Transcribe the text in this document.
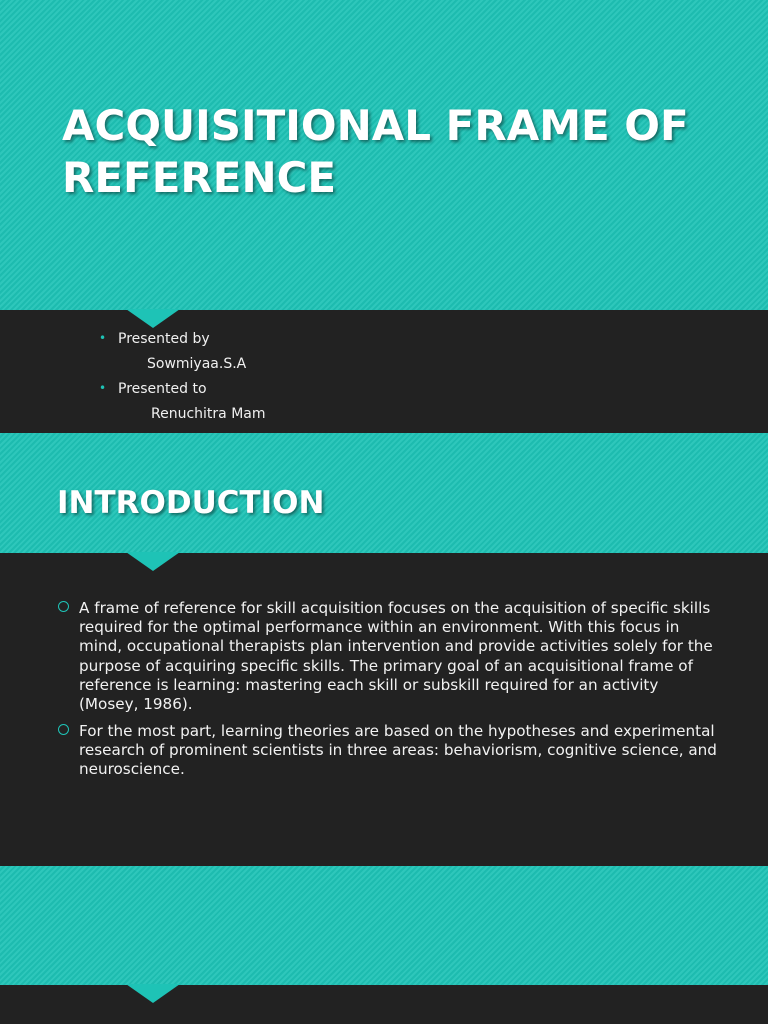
ACQUISITIONAL FRAME OF REFERENCE
• Presented by
Sowmiyaa.S.A
• Presented to
Renuchitra Mam
INTRODUCTION
A frame of reference for skill acquisition focuses on the acquisition of specific skills required for the optimal performance within an environment. With this focus in mind, occupational therapists plan intervention and provide activities solely for the purpose of acquiring specific skills. The primary goal of an acquisitional frame of reference is learning: mastering each skill or subskill required for an activity (Mosey, 1986).
For the most part, learning theories are based on the hypotheses and experimental research of prominent scientists in three areas: behaviorism, cognitive science, and neuroscience.
